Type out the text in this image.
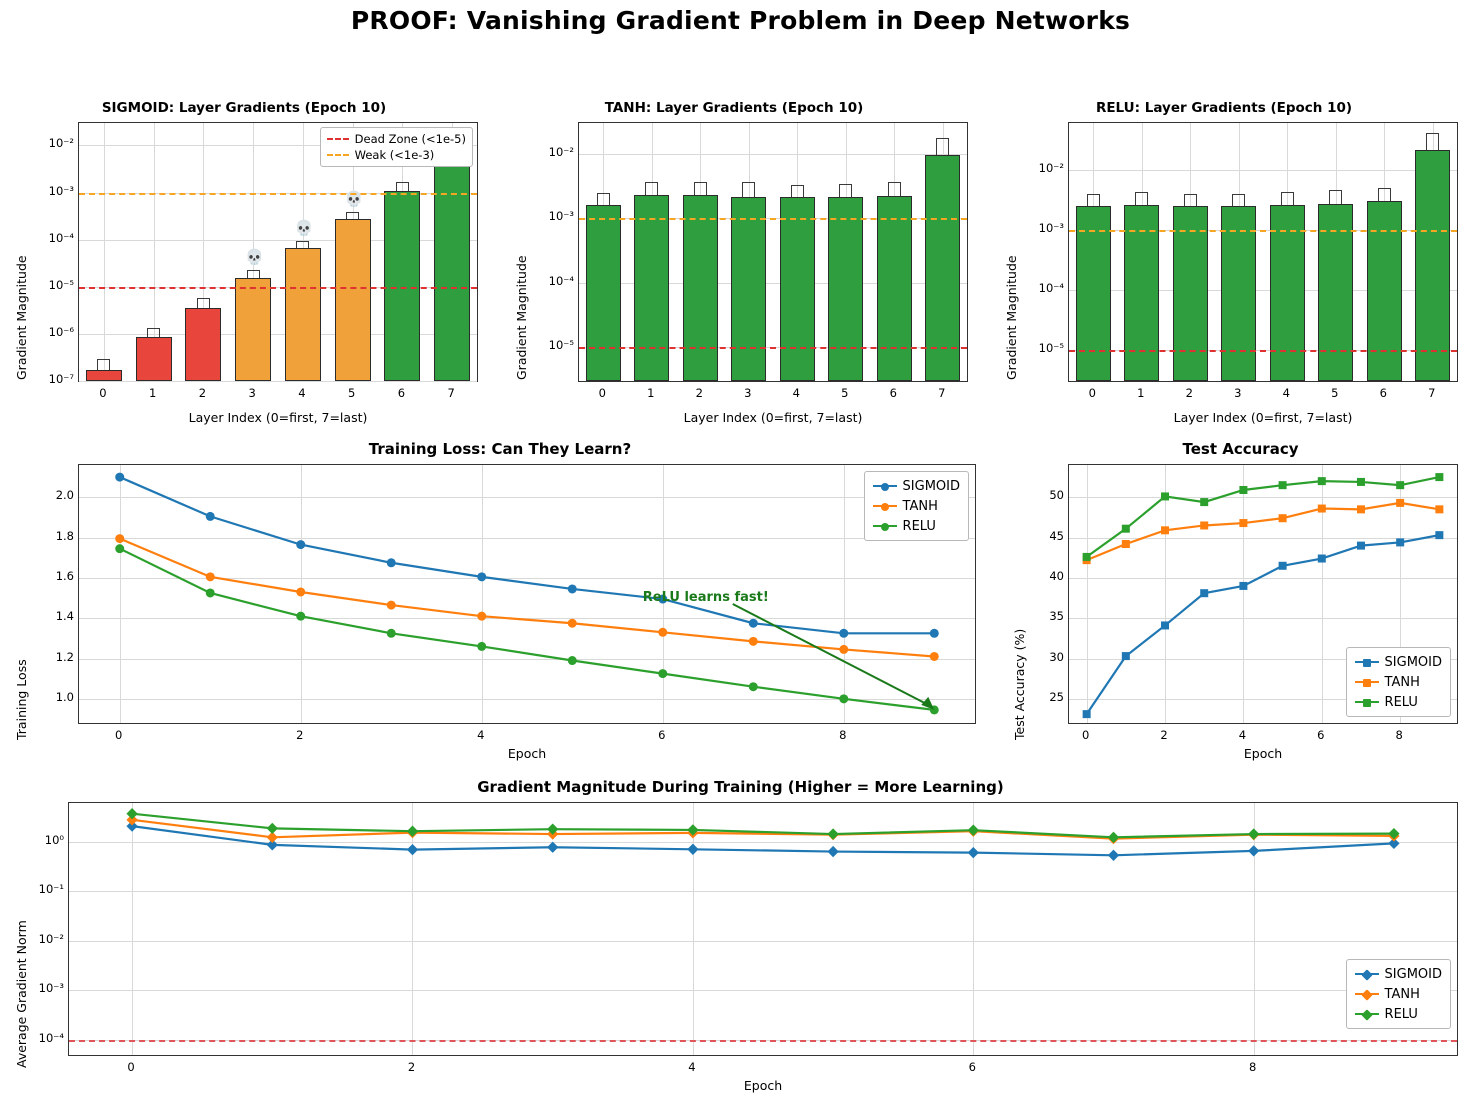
PROOF: Vanishing Gradient Problem in Deep Networks
SIGMOID: Layer Gradients (Epoch 10)
Gradient Magnitude	💀
💀
💀
Dead Zone (<1e-5)
Weak (<1e-3)
Layer Index (0=first, 7=last)
10⁻⁷
10⁻⁶
10⁻⁵
10⁻⁴
10⁻³
10⁻²
0	1	2	3	4	5	6	7
TANH: Layer Gradients (Epoch 10)
Gradient Magnitude
Layer Index (0=first, 7=last)
10⁻⁵
10⁻⁴
10⁻³
10⁻²
0	1	2	3	4	5	6	7
RELU: Layer Gradients (Epoch 10)
Gradient Magnitude
Layer Index (0=first, 7=last)
10⁻⁵
10⁻⁴
10⁻³
10⁻²
0	1	2	3	4	5	6	7
Training Loss: Can They Learn?
Training Loss
ReLU learns fast!
SIGMOID
TANH
RELU
Epoch
1.0
1.2
1.4
1.6
1.8
2.0
0	2	4	6	8
Test Accuracy
Test Accuracy (%)	SIGMOID
TANH
RELU
Epoch
25
30
35
40
45
50
0	2	4	6	8
Gradient Magnitude During Training (Higher = More Learning)
Average Gradient Norm	SIGMOID
TANH
RELU
Epoch
10⁻⁴
10⁻³
10⁻²
10⁻¹
10⁰
0	2	4	6	8
